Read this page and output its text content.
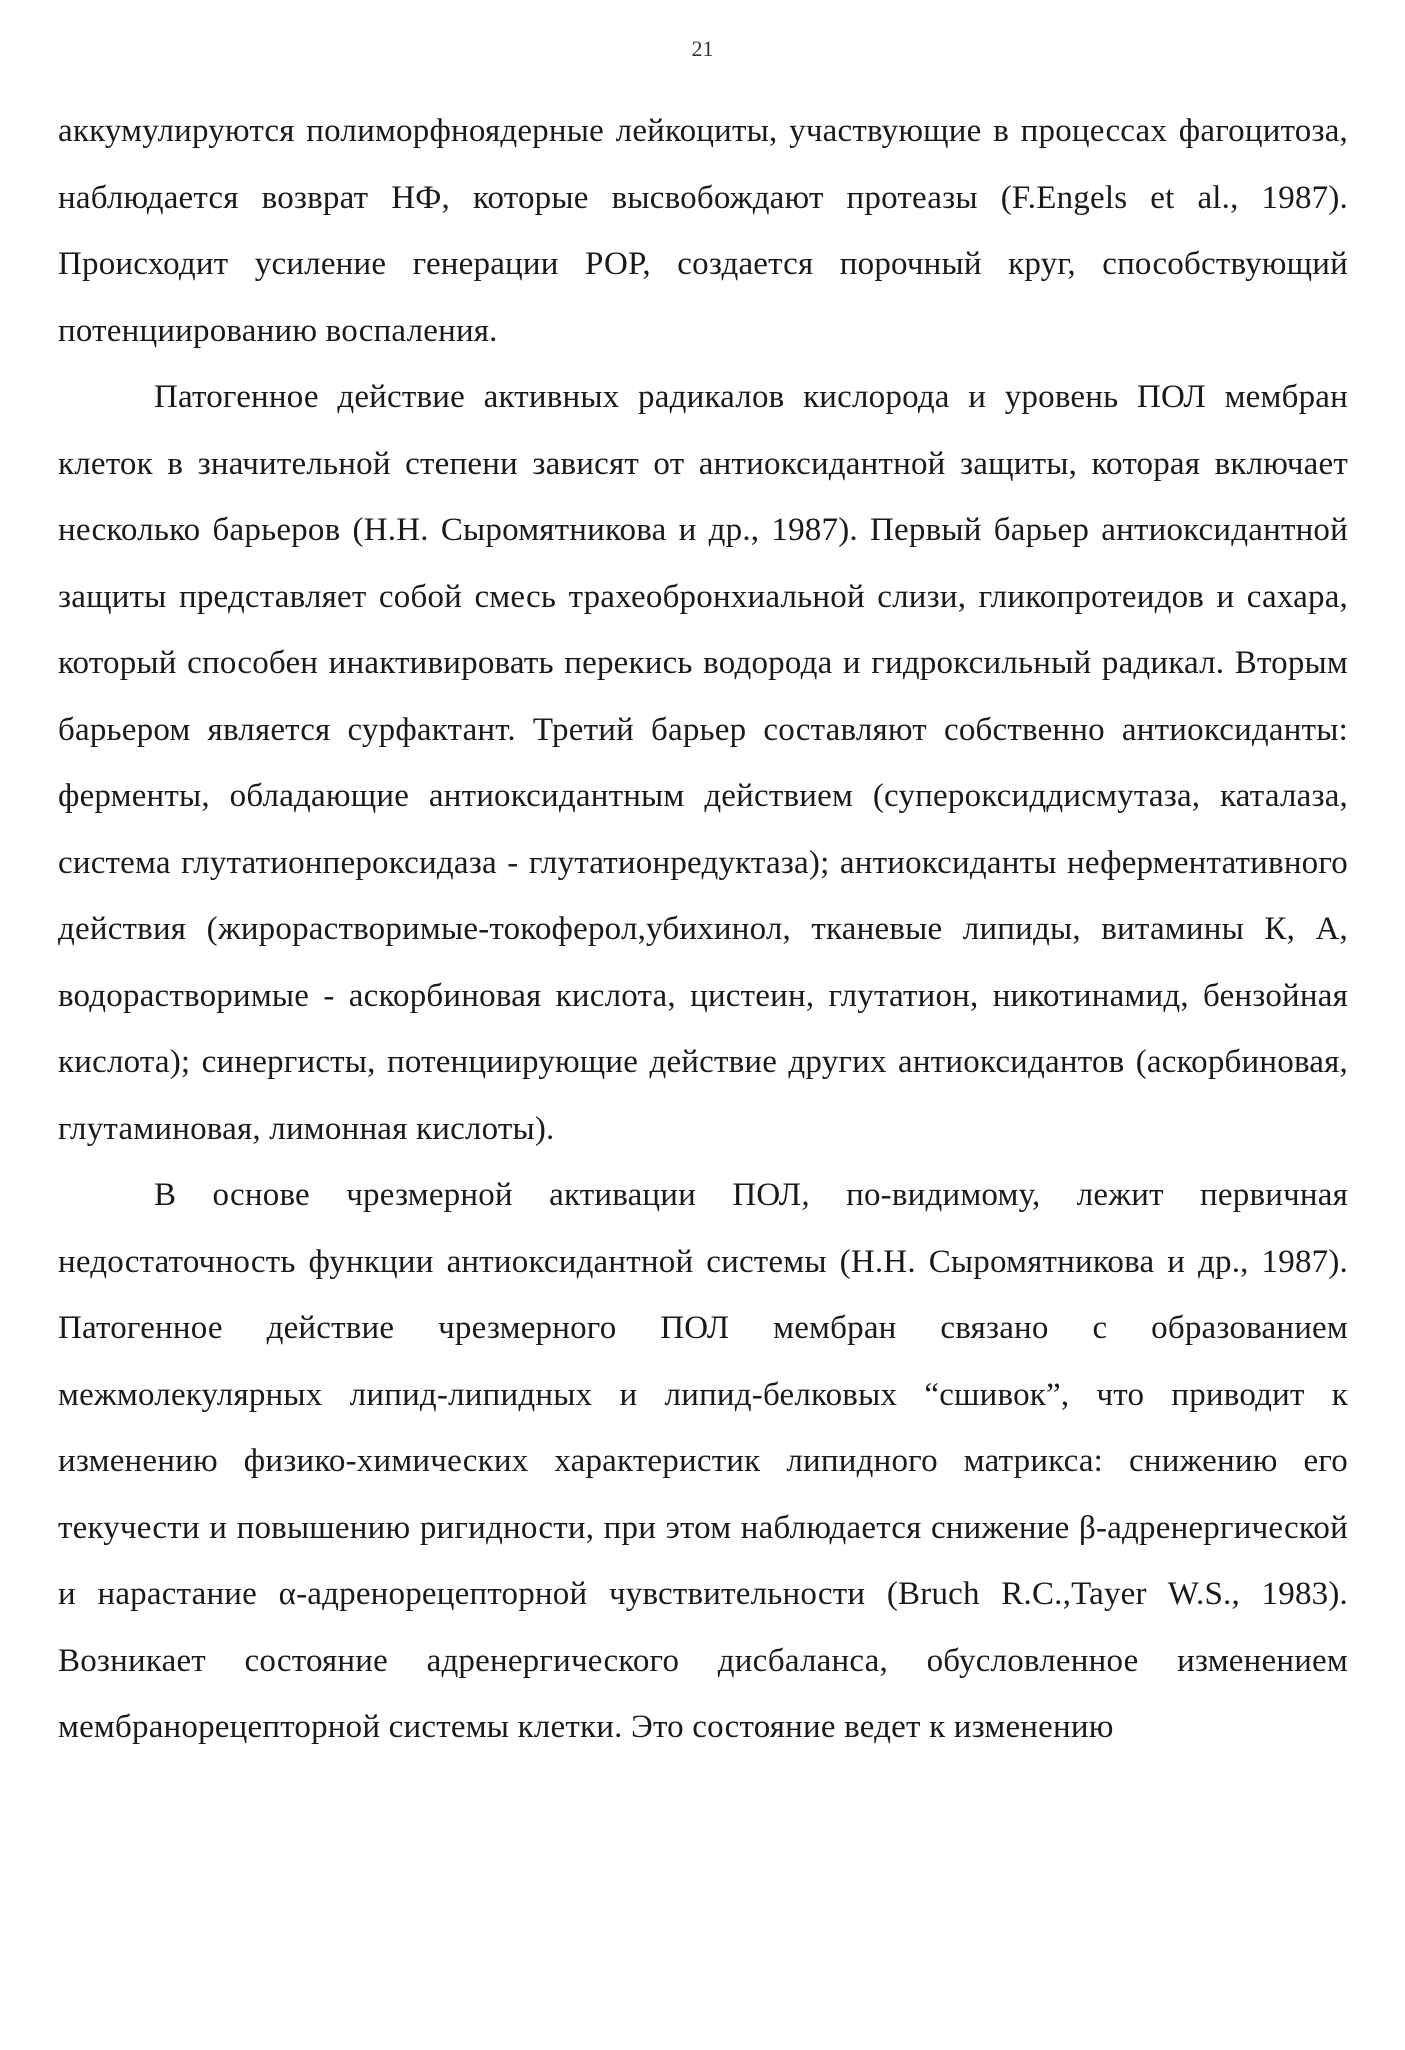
21

аккумулируются полиморфноядерные лейкоциты, участвующие в процессах фагоцитоза, наблюдается возврат НФ, которые высвобождают протеазы (F.Engels et al., 1987). Происходит усиление генерации РОР, создается порочный круг, способствующий потенциированию воспаления.

Патогенное действие активных радикалов кислорода и уровень ПОЛ мембран клеток в значительной степени зависят от антиоксидантной защиты, которая включает несколько барьеров (Н.Н. Сыромятникова и др., 1987). Первый барьер антиоксидантной защиты представляет собой смесь трахеобронхиальной слизи, гликопротеидов и сахара, который способен инактивировать перекись водорода и гидроксильный радикал. Вторым барьером является сурфактант. Третий барьер составляют собственно антиоксиданты: ферменты, обладающие антиоксидантным действием (супероксиддисмутаза, каталаза, система глутатионпероксидаза - глутатионредуктаза); антиоксиданты неферментативного действия (жирорастворимые-токоферол,убихинол, тканевые липиды, витамины К, А, водорастворимые - аскорбиновая кислота, цистеин, глутатион, никотинамид, бензойная кислота); синергисты, потенциирующие действие других антиоксидантов (аскорбиновая, глутаминовая, лимонная кислоты).

В основе чрезмерной активации ПОЛ, по-видимому, лежит первичная недостаточность функции антиоксидантной системы (Н.Н. Сыромятникова и др., 1987). Патогенное действие чрезмерного ПОЛ мембран связано с образованием межмолекулярных липид-липидных и липид-белковых “сшивок”, что приводит к изменению физико-химических характеристик липидного матрикса: снижению его текучести и повышению ригидности, при этом наблюдается снижение β-адренергической и нарастание α-адренорецепторной чувствительности (Bruch R.C.,Tayer W.S., 1983). Возникает состояние адренергического дисбаланса, обусловленное изменением мембранорецепторной системы клетки. Это состояние ведет к изменению
